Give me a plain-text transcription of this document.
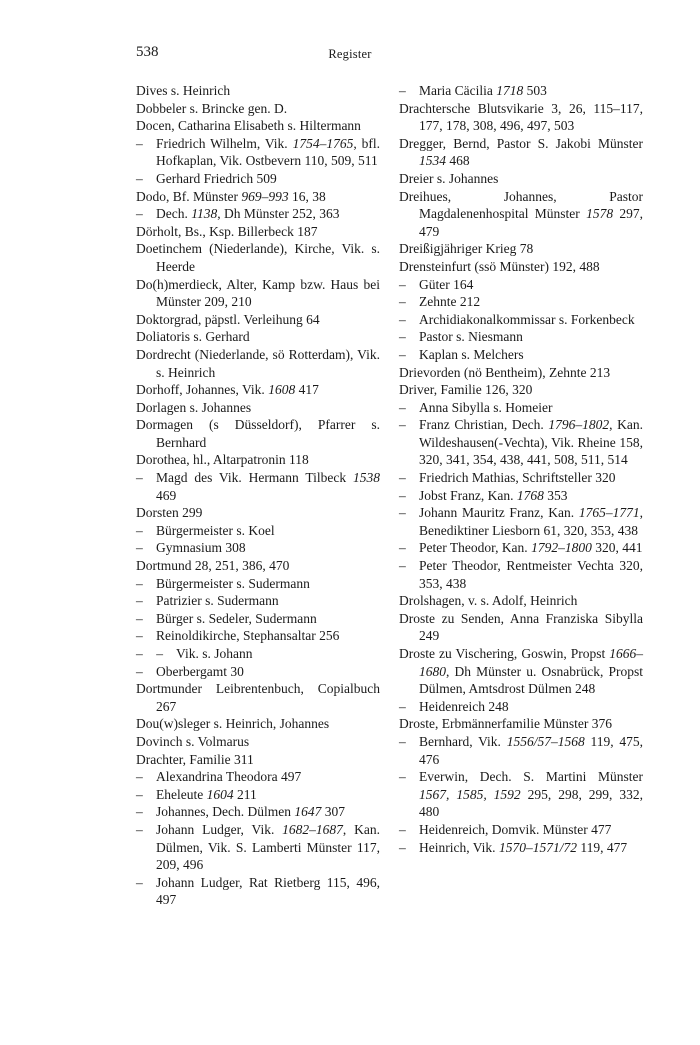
538	Register
Dives s. Heinrich
Dobbeler s. Brincke gen. D.
Docen, Catharina Elisabeth s. Hiltermann
– Friedrich Wilhelm, Vik. 1754–1765, bfl. Hofkaplan, Vik. Ostbevern 110, 509, 511
– Gerhard Friedrich 509
Dodo, Bf. Münster 969–993 16, 38
– Dech. 1138, Dh Münster 252, 363
Dörholt, Bs., Ksp. Billerbeck 187
Doetinchem (Niederlande), Kirche, Vik. s. Heerde
Do(h)merdieck, Alter, Kamp bzw. Haus bei Münster 209, 210
Doktorgrad, päpstl. Verleihung 64
Doliatoris s. Gerhard
Dordrecht (Niederlande, sö Rotterdam), Vik. s. Heinrich
Dorhoff, Johannes, Vik. 1608 417
Dorlagen s. Johannes
Dormagen (s Düsseldorf), Pfarrer s. Bernhard
Dorothea, hl., Altarpatronin 118
– Magd des Vik. Hermann Tilbeck 1538 469
Dorsten 299
– Bürgermeister s. Koel
– Gymnasium 308
Dortmund 28, 251, 386, 470
– Bürgermeister s. Sudermann
– Patrizier s. Sudermann
– Bürger s. Sedeler, Sudermann
– Reinoldikirche, Stephansaltar 256
– – Vik. s. Johann
– Oberbergamt 30
Dortmunder Leibrentenbuch, Copialbuch 267
Dou(w)sleger s. Heinrich, Johannes
Dovinch s. Volmarus
Drachter, Familie 311
– Alexandrina Theodora 497
– Eheleute 1604 211
– Johannes, Dech. Dülmen 1647 307
– Johann Ludger, Vik. 1682–1687, Kan. Dülmen, Vik. S. Lamberti Münster 117, 209, 496
– Johann Ludger, Rat Rietberg 115, 496, 497
– Maria Cäcilia 1718 503
Drachtersche Blutsvikarie 3, 26, 115–117, 177, 178, 308, 496, 497, 503
Dregger, Bernd, Pastor S. Jakobi Münster 1534 468
Dreier s. Johannes
Dreihues, Johannes, Pastor Magdalenenhospital Münster 1578 297, 479
Dreißigjähriger Krieg 78
Drensteinfurt (ssö Münster) 192, 488
– Güter 164
– Zehnte 212
– Archidiakonalkommissar s. Forkenbeck
– Pastor s. Niesmann
– Kaplan s. Melchers
Drievorden (nö Bentheim), Zehnte 213
Driver, Familie 126, 320
– Anna Sibylla s. Homeier
– Franz Christian, Dech. 1796–1802, Kan. Wildeshausen(-Vechta), Vik. Rheine 158, 320, 341, 354, 438, 441, 508, 511, 514
– Friedrich Mathias, Schriftsteller 320
– Jobst Franz, Kan. 1768 353
– Johann Mauritz Franz, Kan. 1765–1771, Benediktiner Liesborn 61, 320, 353, 438
– Peter Theodor, Kan. 1792–1800 320, 441
– Peter Theodor, Rentmeister Vechta 320, 353, 438
Drolshagen, v. s. Adolf, Heinrich
Droste zu Senden, Anna Franziska Sibylla 249
Droste zu Vischering, Goswin, Propst 1666–1680, Dh Münster u. Osnabrück, Propst Dülmen, Amtsdrost Dülmen 248
– Heidenreich 248
Droste, Erbmännerfamilie Münster 376
– Bernhard, Vik. 1556/57–1568 119, 475, 476
– Everwin, Dech. S. Martini Münster 1567, 1585, 1592 295, 298, 299, 332, 480
– Heidenreich, Domvik. Münster 477
– Heinrich, Vik. 1570–1571/72 119, 477
